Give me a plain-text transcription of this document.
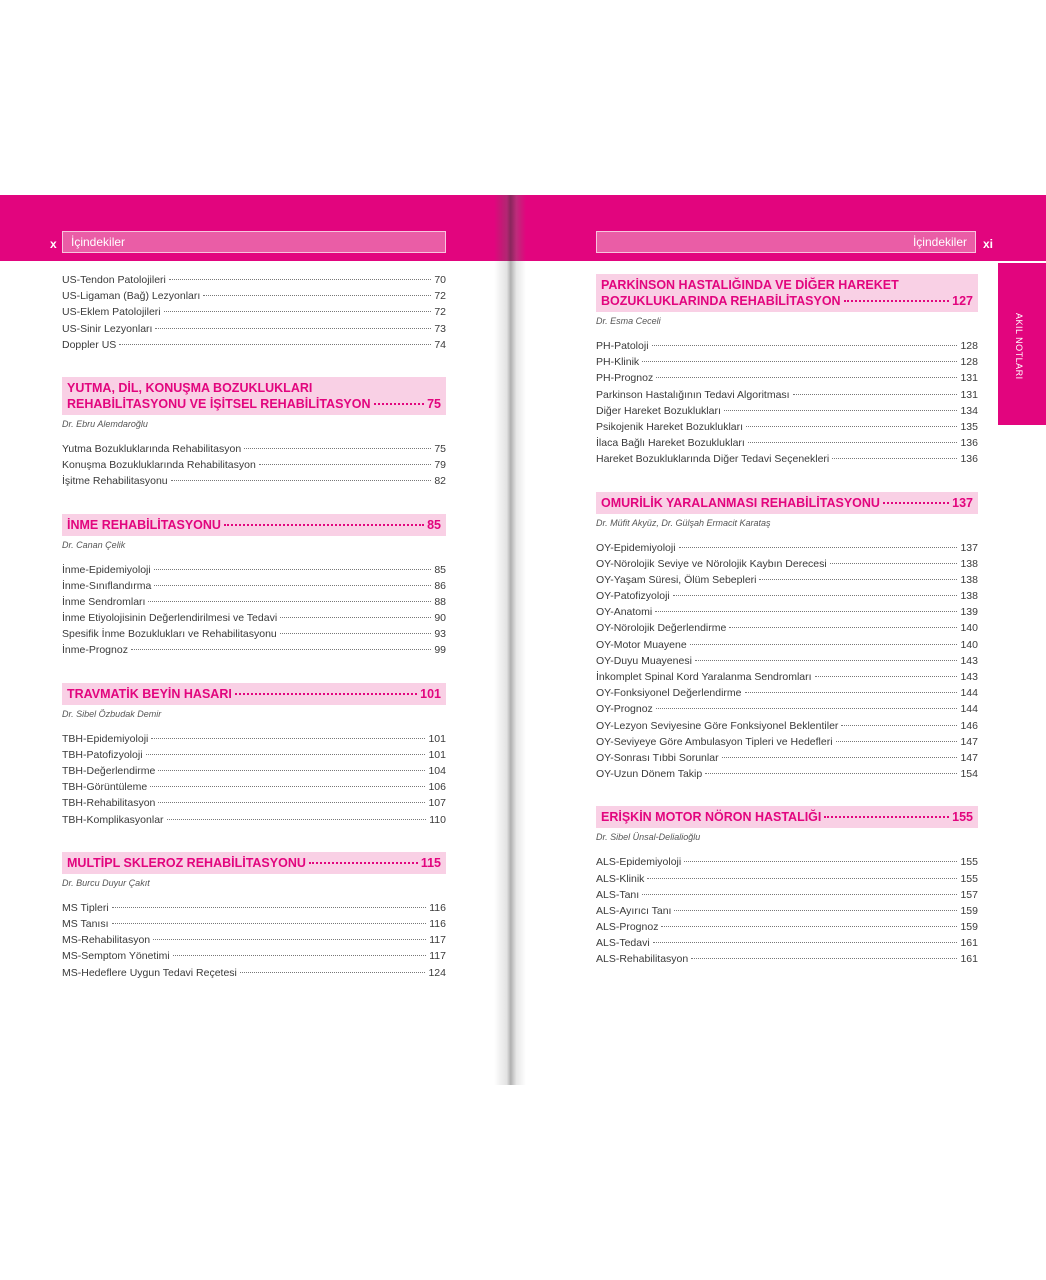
x	İçindekiler	İçindekiler	xi
AKIL NOTLARI
US-Tendon Patolojileri	70
US-Ligaman (Bağ) Lezyonları	72
US-Eklem Patolojileri	72
US-Sinir Lezyonları	73
Doppler US	74
YUTMA, DİL, KONUŞMA BOZUKLUKLARI
REHABİLİTASYONU VE İŞİTSEL REHABİLİTASYON	75
Dr. Ebru Alemdaroğlu
Yutma Bozukluklarında Rehabilitasyon	75
Konuşma Bozukluklarında Rehabilitasyon	79
İşitme Rehabilitasyonu	82
İNME REHABİLİTASYONU	85
Dr. Canan Çelik
İnme-Epidemiyoloji	85
İnme-Sınıflandırma	86
İnme Sendromları	88
İnme Etiyolojisinin Değerlendirilmesi ve Tedavi	90
Spesifik İnme Bozuklukları ve Rehabilitasyonu	93
İnme-Prognoz	99
TRAVMATİK BEYİN HASARI	101
Dr. Sibel Özbudak Demir
TBH-Epidemiyoloji	101
TBH-Patofizyoloji	101
TBH-Değerlendirme	104
TBH-Görüntüleme	106
TBH-Rehabilitasyon	107
TBH-Komplikasyonlar	110
MULTİPL SKLEROZ REHABİLİTASYONU	115
Dr. Burcu Duyur Çakıt
MS Tipleri	116
MS Tanısı	116
MS-Rehabilitasyon	117
MS-Semptom Yönetimi	117
MS-Hedeflere Uygun Tedavi Reçetesi	124
PARKİNSON HASTALIĞINDA VE DİĞER HAREKET
BOZUKLUKLARINDA REHABİLİTASYON	127
Dr. Esma Ceceli
PH-Patoloji	128
PH-Klinik	128
PH-Prognoz	131
Parkinson Hastalığının Tedavi Algoritması	131
Diğer Hareket Bozuklukları	134
Psikojenik Hareket Bozuklukları	135
İlaca Bağlı Hareket Bozuklukları	136
Hareket Bozukluklarında Diğer Tedavi Seçenekleri	136
OMURİLİK YARALANMASI REHABİLİTASYONU	137
Dr. Müfit Akyüz, Dr. Gülşah Ermacit Karataş
OY-Epidemiyoloji	137
OY-Nörolojik Seviye ve Nörolojik Kaybın Derecesi	138
OY-Yaşam Süresi, Ölüm Sebepleri	138
OY-Patofizyoloji	138
OY-Anatomi	139
OY-Nörolojik Değerlendirme	140
OY-Motor Muayene	140
OY-Duyu Muayenesi	143
İnkomplet Spinal Kord Yaralanma Sendromları	143
OY-Fonksiyonel Değerlendirme	144
OY-Prognoz	144
OY-Lezyon Seviyesine Göre Fonksiyonel Beklentiler	146
OY-Seviyeye Göre Ambulasyon Tipleri ve Hedefleri	147
OY-Sonrası Tıbbi Sorunlar	147
OY-Uzun Dönem Takip	154
ERİŞKİN MOTOR NÖRON HASTALIĞI	155
Dr. Sibel Ünsal-Delialioğlu
ALS-Epidemiyoloji	155
ALS-Klinik	155
ALS-Tanı	157
ALS-Ayırıcı Tanı	159
ALS-Prognoz	159
ALS-Tedavi	161
ALS-Rehabilitasyon	161
